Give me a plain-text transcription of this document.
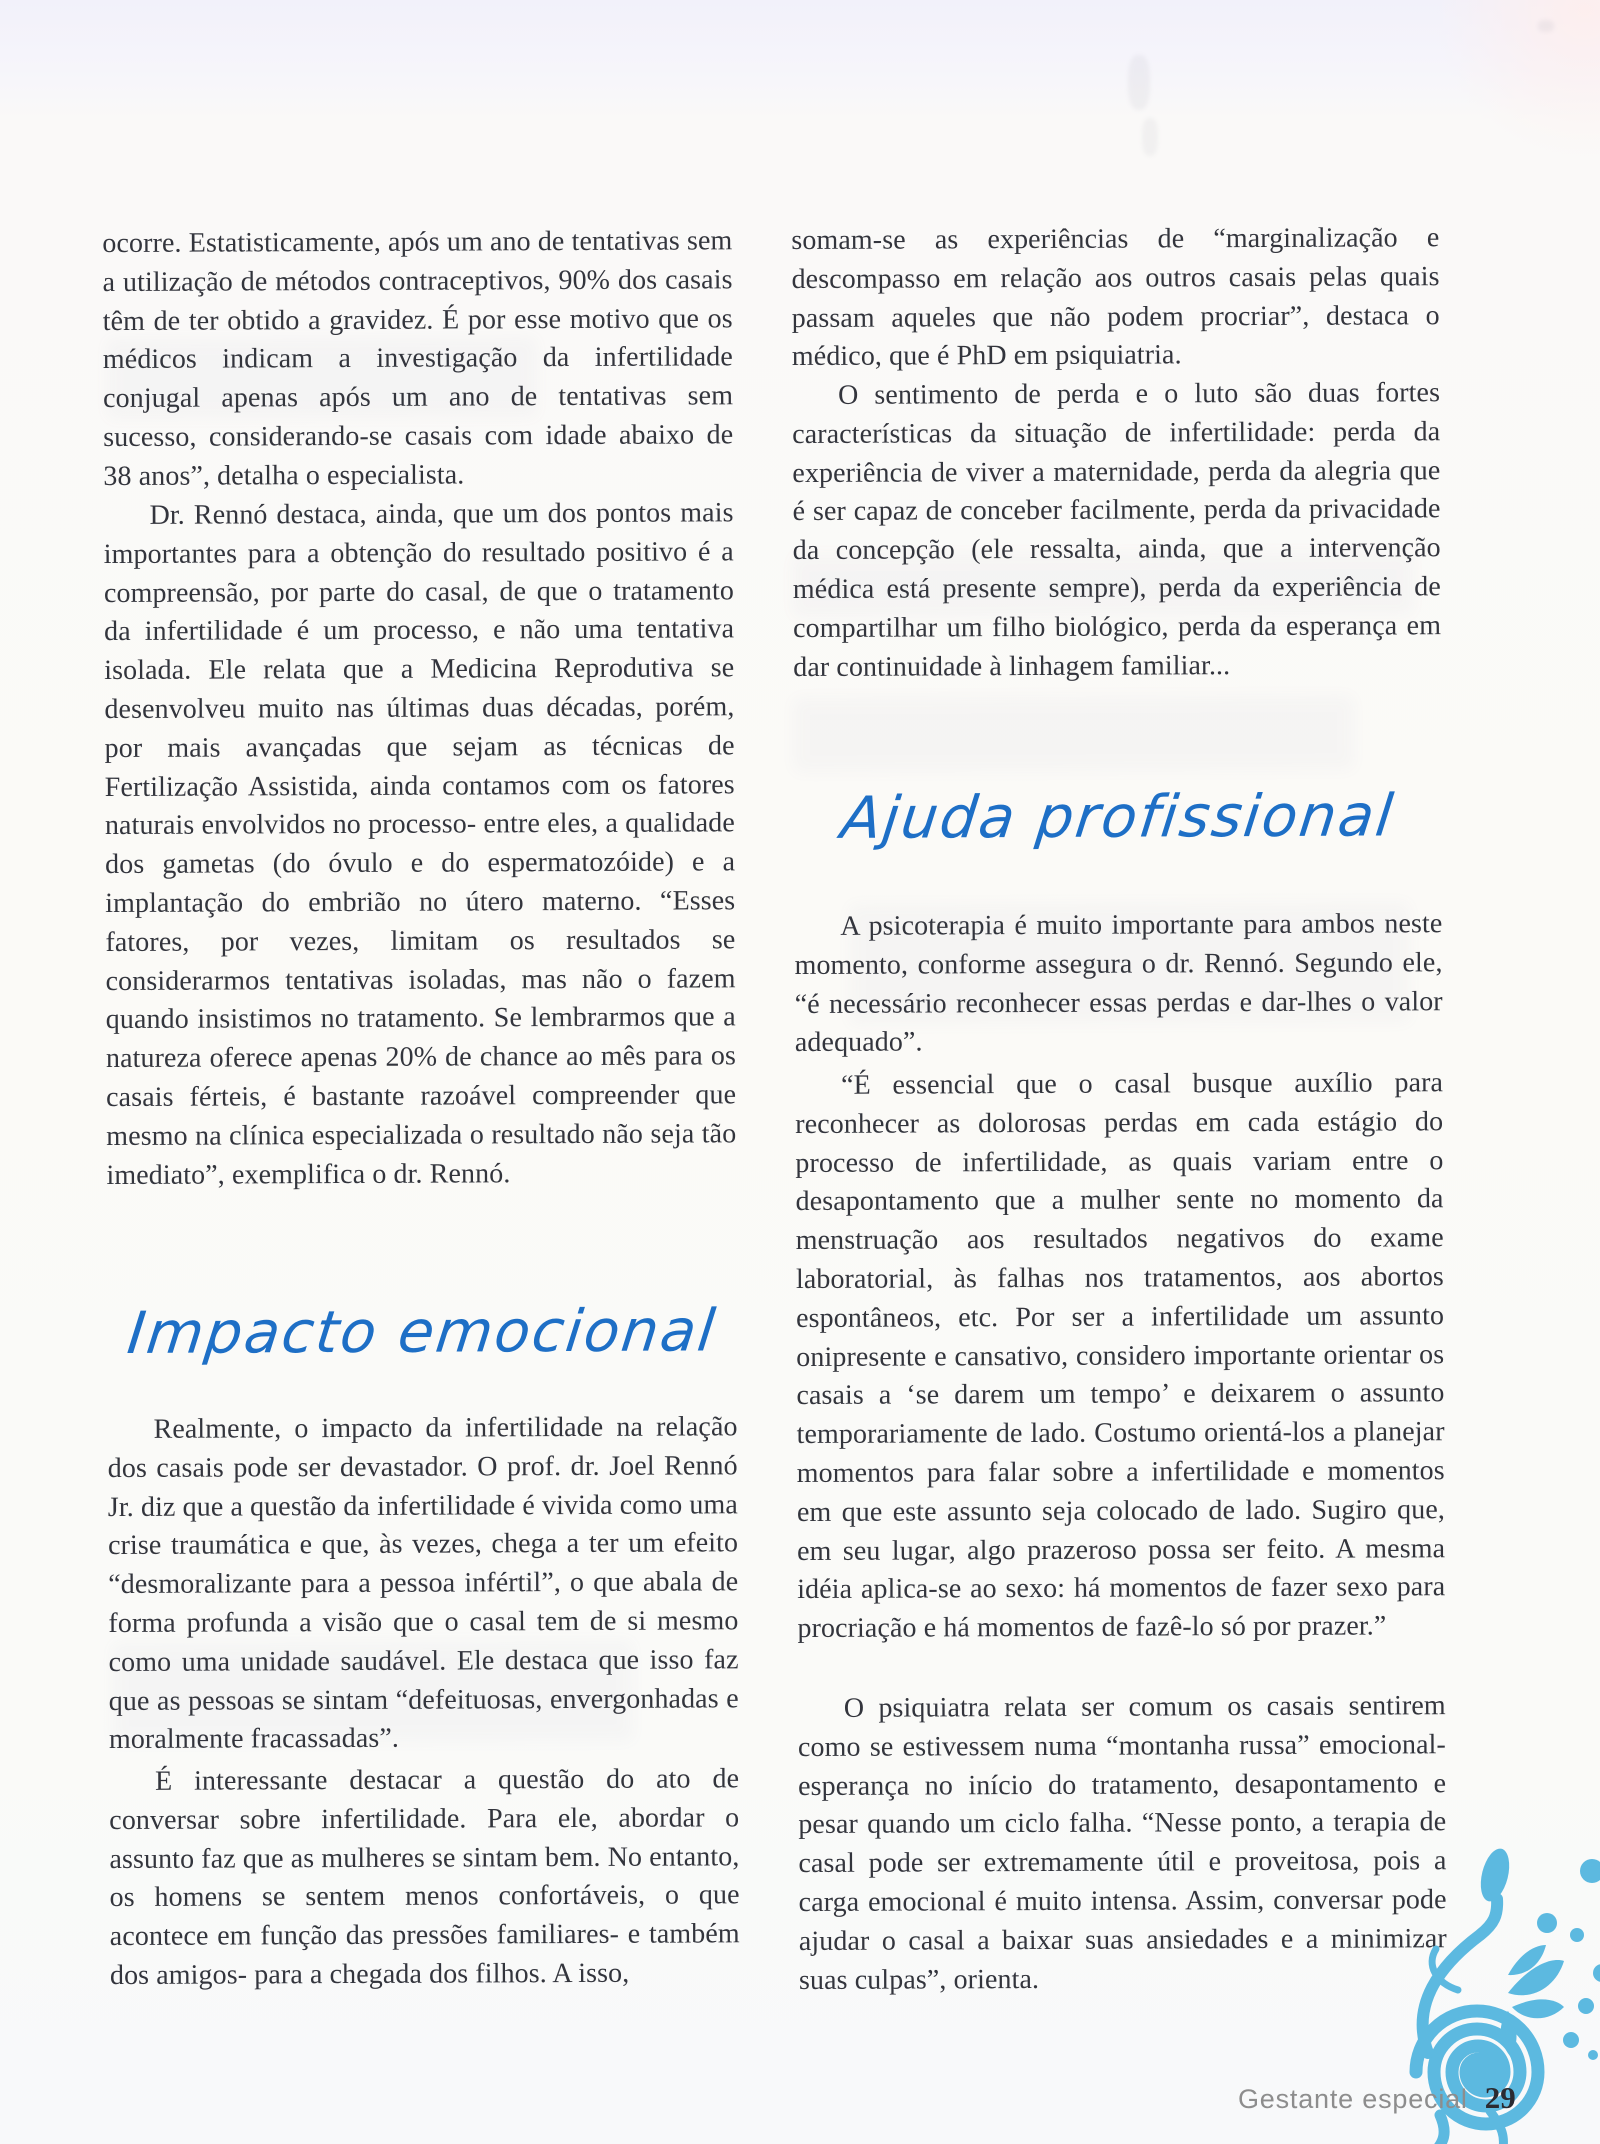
ocorre. Estatisticamente, após um ano de tentativas sem a utilização de métodos contraceptivos, 90% dos casais têm de ter obtido a gravidez. É por esse motivo que os médicos indicam a investigação da infertilidade conjugal apenas após um ano de tentativas sem sucesso, considerando-se casais com idade abaixo de 38 anos”, detalha o especialista.

Dr. Rennó destaca, ainda, que um dos pontos mais importantes para a obtenção do resultado positivo é a compreensão, por parte do casal, de que o tratamento da infertilidade é um processo, e não uma tentativa isolada. Ele relata que a Medicina Reprodutiva se desenvolveu muito nas últimas duas décadas, porém, por mais avançadas que sejam as técnicas de Fertilização Assistida, ainda contamos com os fatores naturais envolvidos no processo- entre eles, a qualidade dos gametas (do óvulo e do espermatozóide) e a implantação do embrião no útero materno. “Esses fatores, por vezes, limitam os resultados se considerarmos tentativas isoladas, mas não o fazem quando insistimos no tratamento. Se lembrarmos que a natureza oferece apenas 20% de chance ao mês para os casais férteis, é bastante razoável compreender que mesmo na clínica especializada o resultado não seja tão imediato”, exemplifica o dr. Rennó.

Impacto emocional

Realmente, o impacto da infertilidade na relação dos casais pode ser devastador. O prof. dr. Joel Rennó Jr. diz que a questão da infertilidade é vivida como uma crise traumática e que, às vezes, chega a ter um efeito “desmoralizante para a pessoa infértil”, o que abala de forma profunda a visão que o casal tem de si mesmo como uma unidade saudável. Ele destaca que isso faz que as pessoas se sintam “defeituosas, envergonhadas e moralmente fracassadas”.

É interessante destacar a questão do ato de conversar sobre infertilidade. Para ele, abordar o assunto faz que as mulheres se sintam bem. No entanto, os homens se sentem menos confortáveis, o que acontece em função das pressões familiares- e também dos amigos- para a chegada dos filhos. A isso,

somam-se as experiências de “marginalização e descompasso em relação aos outros casais pelas quais passam aqueles que não podem procriar”, destaca o médico, que é PhD em psiquiatria.

O sentimento de perda e o luto são duas fortes características da situação de infertilidade: perda da experiência de viver a maternidade, perda da alegria que é ser capaz de conceber facilmente, perda da privacidade da concepção (ele ressalta, ainda, que a intervenção médica está presente sempre), perda da experiência de compartilhar um filho biológico, perda da esperança em dar continuidade à linhagem familiar...

Ajuda profissional

A psicoterapia é muito importante para ambos neste momento, conforme assegura o dr. Rennó. Segundo ele, “é necessário reconhecer essas perdas e dar-lhes o valor adequado”.

“É essencial que o casal busque auxílio para reconhecer as dolorosas perdas em cada estágio do processo de infertilidade, as quais variam entre o desapontamento que a mulher sente no momento da menstruação aos resultados negativos do exame laboratorial, às falhas nos tratamentos, aos abortos espontâneos, etc. Por ser a infertilidade um assunto onipresente e cansativo, considero importante orientar os casais a ‘se darem um tempo’ e deixarem o assunto temporariamente de lado. Costumo orientá-los a planejar momentos para falar sobre a infertilidade e momentos em que este assunto seja colocado de lado. Sugiro que, em seu lugar, algo prazeroso possa ser feito. A mesma idéia aplica-se ao sexo: há momentos de fazer sexo para procriação e há momentos de fazê-lo só por prazer.”

O psiquiatra relata ser comum os casais sentirem como se estivessem numa “montanha russa” emocional- esperança no início do tratamento, desapontamento e pesar quando um ciclo falha. “Nesse ponto, a terapia de casal pode ser extremamente útil e proveitosa, pois a carga emocional é muito intensa. Assim, conversar pode ajudar o casal a baixar suas ansiedades e a minimizar suas culpas”, orienta.

Gestante especial 29
